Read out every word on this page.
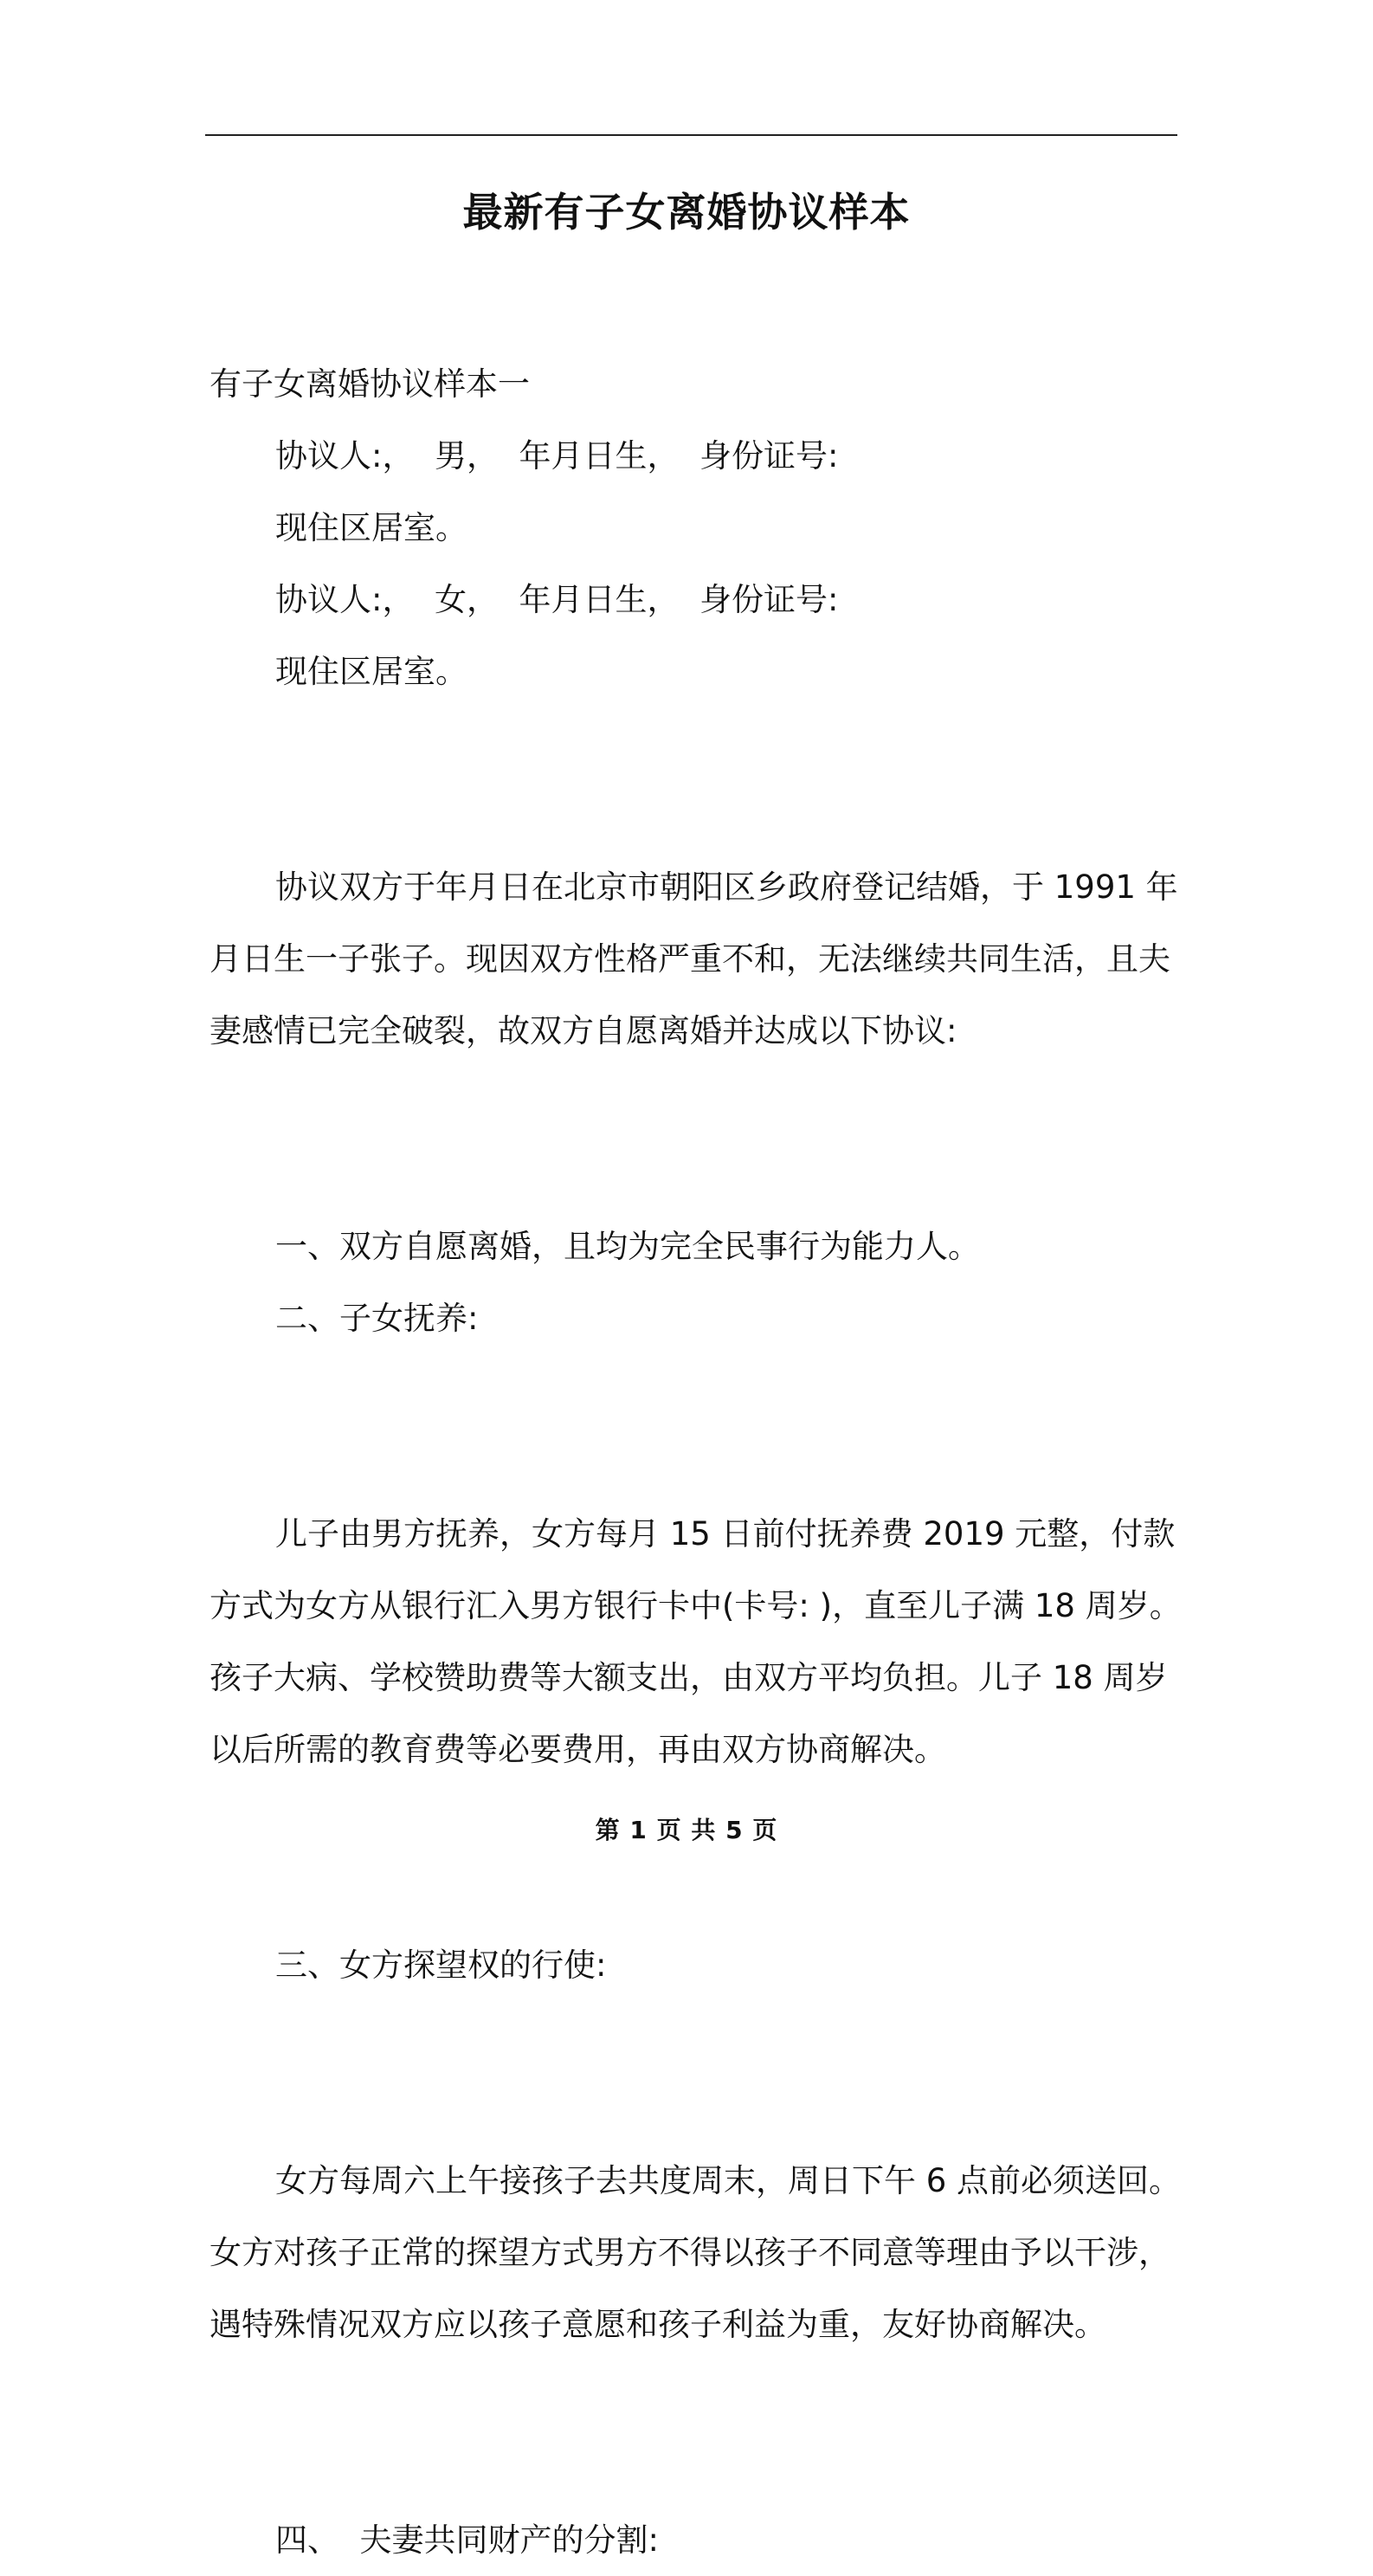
最新有子女离婚协议样本

有子女离婚协议样本一

协议人:，  男，  年月日生，  身份证号:

现住区居室。

协议人:，  女，  年月日生，  身份证号:

现住区居室。

协议双方于年月日在北京市朝阳区乡政府登记结婚，于 1991 年
月日生一子张子。现因双方性格严重不和，无法继续共同生活，且夫
妻感情已完全破裂，故双方自愿离婚并达成以下协议:

一、双方自愿离婚，且均为完全民事行为能力人。

二、子女抚养:

儿子由男方抚养，女方每月 15 日前付抚养费 2019 元整，付款
方式为女方从银行汇入男方银行卡中(卡号: )，直至儿子满 18 周岁。
孩子大病、学校赞助费等大额支出，由双方平均负担。儿子 18 周岁
以后所需的教育费等必要费用，再由双方协商解决。

三、女方探望权的行使:

女方每周六上午接孩子去共度周末，周日下午 6 点前必须送回。
女方对孩子正常的探望方式男方不得以孩子不同意等理由予以干涉，
遇特殊情况双方应以孩子意愿和孩子利益为重，友好协商解决。

四、  夫妻共同财产的分割:

第 1 页 共 5 页
